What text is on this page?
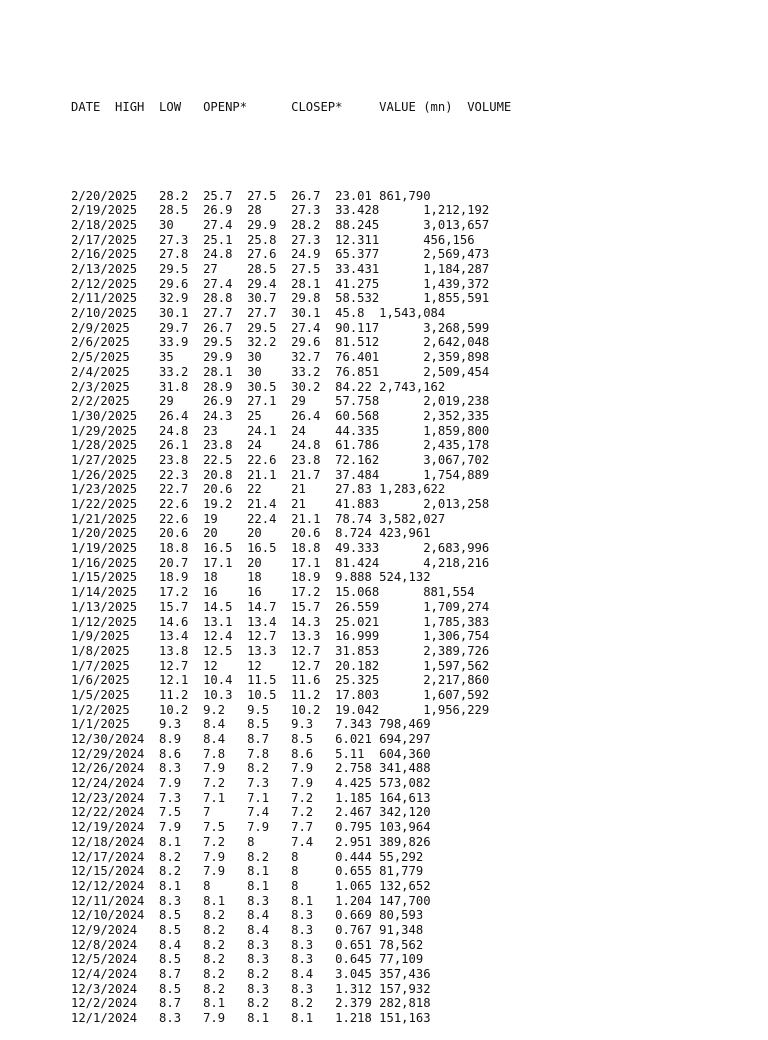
DATE  HIGH  LOW   OPENP*      CLOSEP*     VALUE (mn)  VOLUME

2/20/2025   28.2  25.7  27.5  26.7  23.01 861,790
2/19/2025   28.5  26.9  28    27.3  33.428      1,212,192
2/18/2025   30    27.4  29.9  28.2  88.245      3,013,657
2/17/2025   27.3  25.1  25.8  27.3  12.311      456,156
2/16/2025   27.8  24.8  27.6  24.9  65.377      2,569,473
2/13/2025   29.5  27    28.5  27.5  33.431      1,184,287
2/12/2025   29.6  27.4  29.4  28.1  41.275      1,439,372
2/11/2025   32.9  28.8  30.7  29.8  58.532      1,855,591
2/10/2025   30.1  27.7  27.7  30.1  45.8  1,543,084
2/9/2025    29.7  26.7  29.5  27.4  90.117      3,268,599
2/6/2025    33.9  29.5  32.2  29.6  81.512      2,642,048
2/5/2025    35    29.9  30    32.7  76.401      2,359,898
2/4/2025    33.2  28.1  30    33.2  76.851      2,509,454
2/3/2025    31.8  28.9  30.5  30.2  84.22 2,743,162
2/2/2025    29    26.9  27.1  29    57.758      2,019,238
1/30/2025   26.4  24.3  25    26.4  60.568      2,352,335
1/29/2025   24.8  23    24.1  24    44.335      1,859,800
1/28/2025   26.1  23.8  24    24.8  61.786      2,435,178
1/27/2025   23.8  22.5  22.6  23.8  72.162      3,067,702
1/26/2025   22.3  20.8  21.1  21.7  37.484      1,754,889
1/23/2025   22.7  20.6  22    21    27.83 1,283,622
1/22/2025   22.6  19.2  21.4  21    41.883      2,013,258
1/21/2025   22.6  19    22.4  21.1  78.74 3,582,027
1/20/2025   20.6  20    20    20.6  8.724 423,961
1/19/2025   18.8  16.5  16.5  18.8  49.333      2,683,996
1/16/2025   20.7  17.1  20    17.1  81.424      4,218,216
1/15/2025   18.9  18    18    18.9  9.888 524,132
1/14/2025   17.2  16    16    17.2  15.068      881,554
1/13/2025   15.7  14.5  14.7  15.7  26.559      1,709,274
1/12/2025   14.6  13.1  13.4  14.3  25.021      1,785,383
1/9/2025    13.4  12.4  12.7  13.3  16.999      1,306,754
1/8/2025    13.8  12.5  13.3  12.7  31.853      2,389,726
1/7/2025    12.7  12    12    12.7  20.182      1,597,562
1/6/2025    12.1  10.4  11.5  11.6  25.325      2,217,860
1/5/2025    11.2  10.3  10.5  11.2  17.803      1,607,592
1/2/2025    10.2  9.2   9.5   10.2  19.042      1,956,229
1/1/2025    9.3   8.4   8.5   9.3   7.343 798,469
12/30/2024  8.9   8.4   8.7   8.5   6.021 694,297
12/29/2024  8.6   7.8   7.8   8.6   5.11  604,360
12/26/2024  8.3   7.9   8.2   7.9   2.758 341,488
12/24/2024  7.9   7.2   7.3   7.9   4.425 573,082
12/23/2024  7.3   7.1   7.1   7.2   1.185 164,613
12/22/2024  7.5   7     7.4   7.2   2.467 342,120
12/19/2024  7.9   7.5   7.9   7.7   0.795 103,964
12/18/2024  8.1   7.2   8     7.4   2.951 389,826
12/17/2024  8.2   7.9   8.2   8     0.444 55,292
12/15/2024  8.2   7.9   8.1   8     0.655 81,779
12/12/2024  8.1   8     8.1   8     1.065 132,652
12/11/2024  8.3   8.1   8.3   8.1   1.204 147,700
12/10/2024  8.5   8.2   8.4   8.3   0.669 80,593
12/9/2024   8.5   8.2   8.4   8.3   0.767 91,348
12/8/2024   8.4   8.2   8.3   8.3   0.651 78,562
12/5/2024   8.5   8.2   8.3   8.3   0.645 77,109
12/4/2024   8.7   8.2   8.2   8.4   3.045 357,436
12/3/2024   8.5   8.2   8.3   8.3   1.312 157,932
12/2/2024   8.7   8.1   8.2   8.2   2.379 282,818
12/1/2024   8.3   7.9   8.1   8.1   1.218 151,163
